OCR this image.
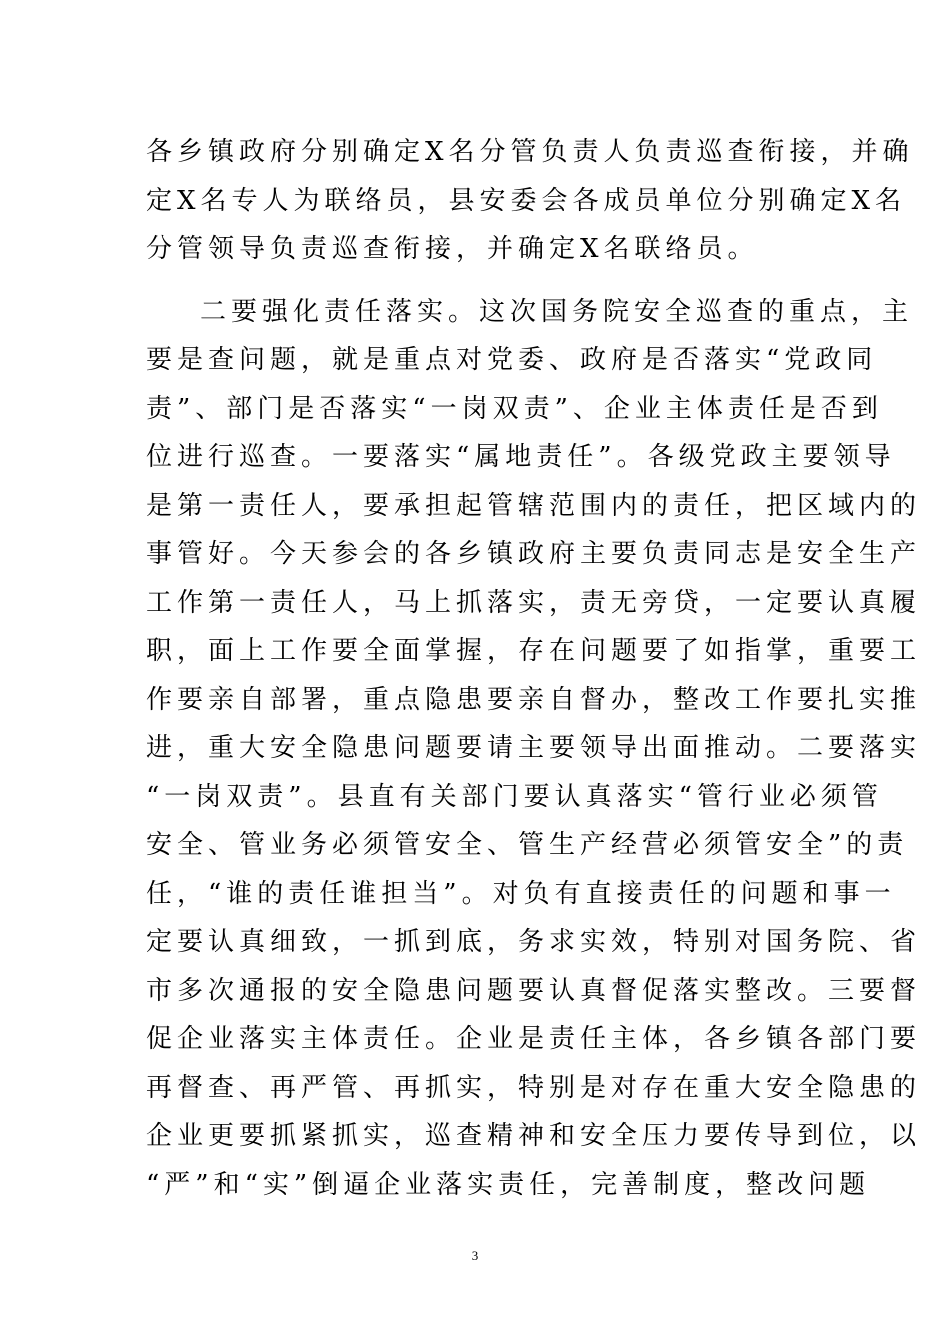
各乡镇政府分别确定X名分管负责人负责巡查衔接，并确
定X名专人为联络员，县安委会各成员单位分别确定X名
分管领导负责巡查衔接，并确定X名联络员。
二要强化责任落实。这次国务院安全巡查的重点，主
要是查问题，就是重点对党委、政府是否落实“党政同
责”、部门是否落实“一岗双责”、企业主体责任是否到
位进行巡查。一要落实“属地责任”。各级党政主要领导
是第一责任人，要承担起管辖范围内的责任，把区域内的
事管好。今天参会的各乡镇政府主要负责同志是安全生产
工作第一责任人，马上抓落实，责无旁贷，一定要认真履
职，面上工作要全面掌握，存在问题要了如指掌，重要工
作要亲自部署，重点隐患要亲自督办，整改工作要扎实推
进，重大安全隐患问题要请主要领导出面推动。二要落实
“一岗双责”。县直有关部门要认真落实“管行业必须管
安全、管业务必须管安全、管生产经营必须管安全”的责
任，“谁的责任谁担当”。对负有直接责任的问题和事一
定要认真细致，一抓到底，务求实效，特别对国务院、省
市多次通报的安全隐患问题要认真督促落实整改。三要督
促企业落实主体责任。企业是责任主体，各乡镇各部门要
再督查、再严管、再抓实，特别是对存在重大安全隐患的
企业更要抓紧抓实，巡查精神和安全压力要传导到位，以
“严”和“实”倒逼企业落实责任，完善制度，整改问题
3
